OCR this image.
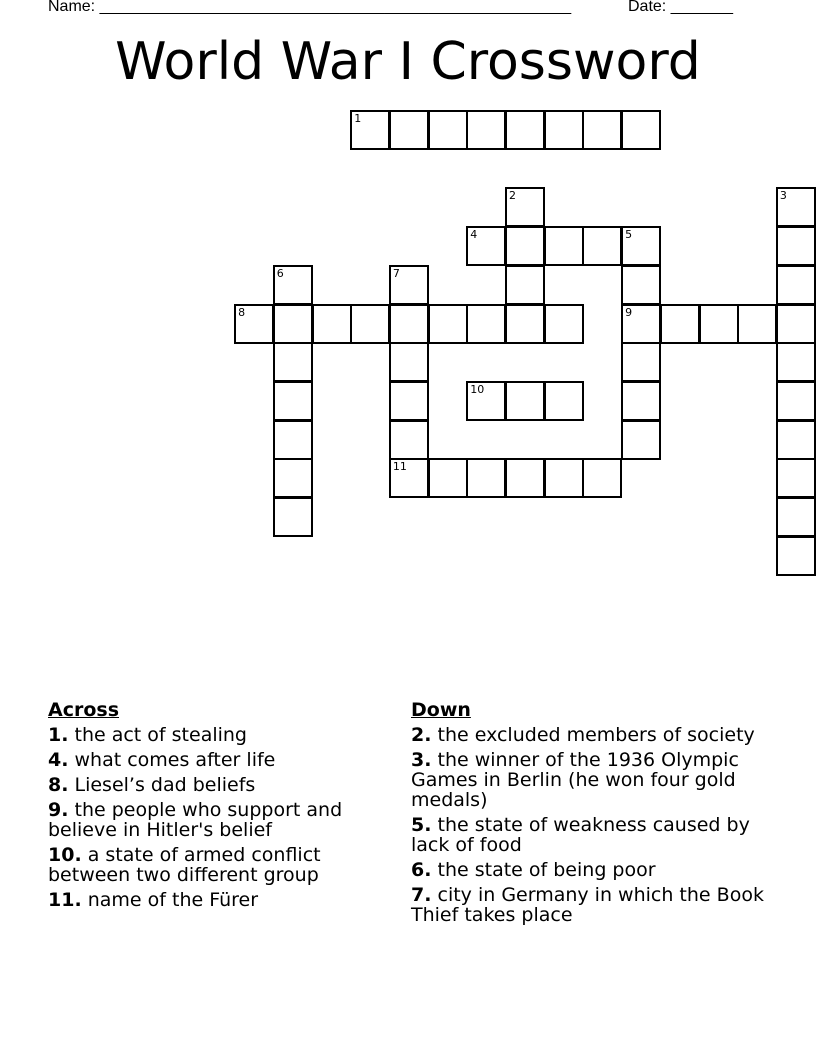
Name: _____________________________________________________	Date: _______
World War I Crossword
1
2	3
4	5
6	7
8	9
10
11
Across
1. the act of stealing
4. what comes after life
8. Liesel’s dad beliefs
9. the people who support and believe in Hitler's belief
10. a state of armed conflict between two different group
11. name of the Fürer
Down
2. the excluded members of society
3. the winner of the 1936 Olympic Games in Berlin (he won four gold medals)
5. the state of weakness caused by lack of food
6. the state of being poor
7. city in Germany in which the Book Thief takes place
